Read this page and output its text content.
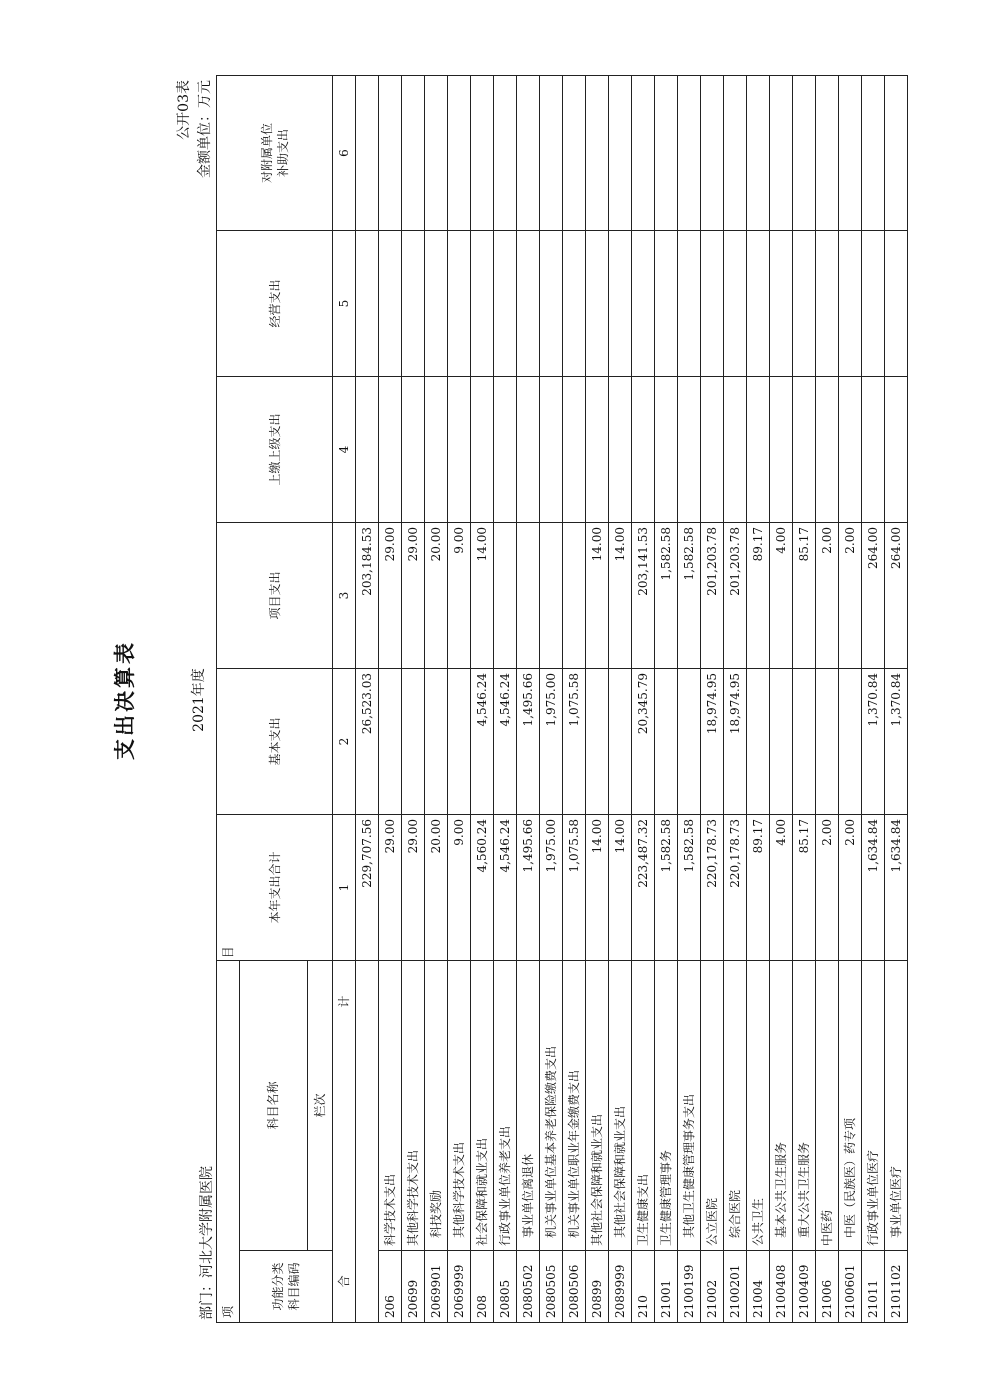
支出决算表
公开03表
2021年度
部门：河北大学附属医院
金额单位：万元
项  目		本年支出合计	基本支出	项目支出	上缴上级支出	经营支出	对附属单位
补助支出
功能分类
科目编码	科目名称						
	栏次						
合  计		1	2	3	4	5	6
		229,707.56	26,523.03	203,184.53			
206	科学技术支出	29.00		29.00			
20699	其他科学技术支出	29.00		29.00			
2069901	科技奖励	20.00		20.00			
2069999	其他科学技术支出	9.00		9.00			
208	社会保障和就业支出	4,560.24	4,546.24	14.00			
20805	行政事业单位养老支出	4,546.24	4,546.24				
2080502	事业单位离退休	1,495.66	1,495.66				
2080505	机关事业单位基本养老保险缴费支出	1,975.00	1,975.00				
2080506	机关事业单位职业年金缴费支出	1,075.58	1,075.58				
20899	其他社会保障和就业支出	14.00		14.00			
2089999	其他社会保障和就业支出	14.00		14.00			
210	卫生健康支出	223,487.32	20,345.79	203,141.53			
21001	卫生健康管理事务	1,582.58		1,582.58			
2100199	其他卫生健康管理事务支出	1,582.58		1,582.58			
21002	公立医院	220,178.73	18,974.95	201,203.78			
2100201	综合医院	220,178.73	18,974.95	201,203.78			
21004	公共卫生	89.17		89.17			
2100408	基本公共卫生服务	4.00		4.00			
2100409	重大公共卫生服务	85.17		85.17			
21006	中医药	2.00		2.00			
2100601	中医（民族医）药专项	2.00		2.00			
21011	行政事业单位医疗	1,634.84	1,370.84	264.00			
2101102	事业单位医疗	1,634.84	1,370.84	264.00			
